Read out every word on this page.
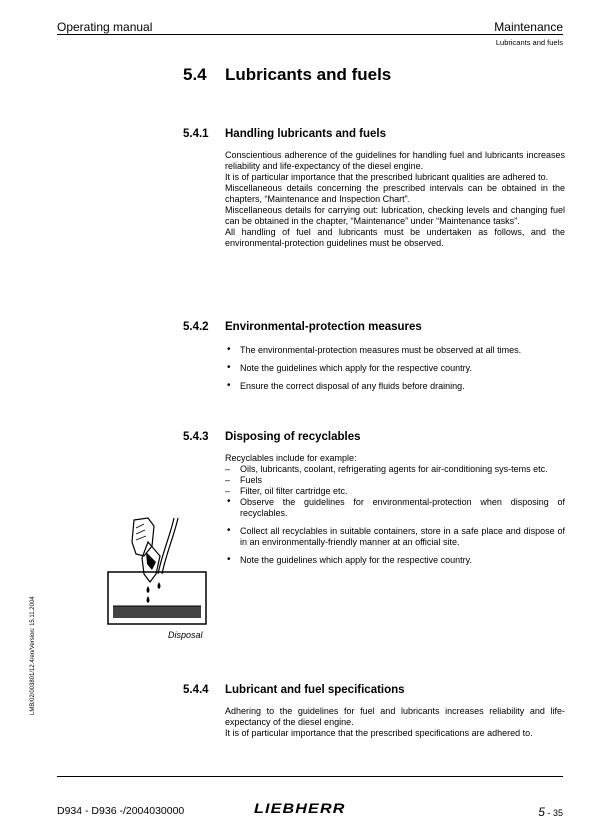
Operating manual	Maintenance
Lubricants and fuels
LMB/02/003801/12.4/en/Version: 15.11.2004
5.4 Lubricants and fuels
5.4.1 Handling lubricants and fuels

Conscientious adherence of the guidelines for handling fuel and lubricants increases reliability and life-expectancy of the diesel engine.

It is of particular importance that the prescribed lubricant qualities are adhered to.

Miscellaneous details concerning the prescribed intervals can be obtained in the chapters, “Maintenance and Inspection Chart”.

Miscellaneous details for carrying out: lubrication, checking levels and changing fuel can be obtained in the chapter, “Maintenance” under “Maintenance tasks”.

All handling of fuel and lubricants must be undertaken as follows, and the environmental-protection guidelines must be observed.

5.4.2 Environmental-protection measures
• The environmental-protection measures must be observed at all times.
• Note the guidelines which apply for the respective country.
• Ensure the correct disposal of any fluids before draining.
5.4.3 Disposing of recyclables

Recyclables include for example:

– Oils, lubricants, coolant, refrigerating agents for air-conditioning sys-tems etc.
– Fuels
– Filter, oil filter cartridge etc.
• Observe the guidelines for environmental-protection when disposing of recyclables.
• Collect all recyclables in suitable containers, store in a safe place and dispose of in an environmentally-friendly manner at an official site.
• Note the guidelines which apply for the respective country.
Disposal
5.4.4 Lubricant and fuel specifications

Adhering to the guidelines for fuel and lubricants increases reliability and life-expectancy of the diesel engine.

It is of particular importance that the prescribed specifications are adhered to.

D934 - D936 -/2004030000	LIEBHERR	5 - 35
